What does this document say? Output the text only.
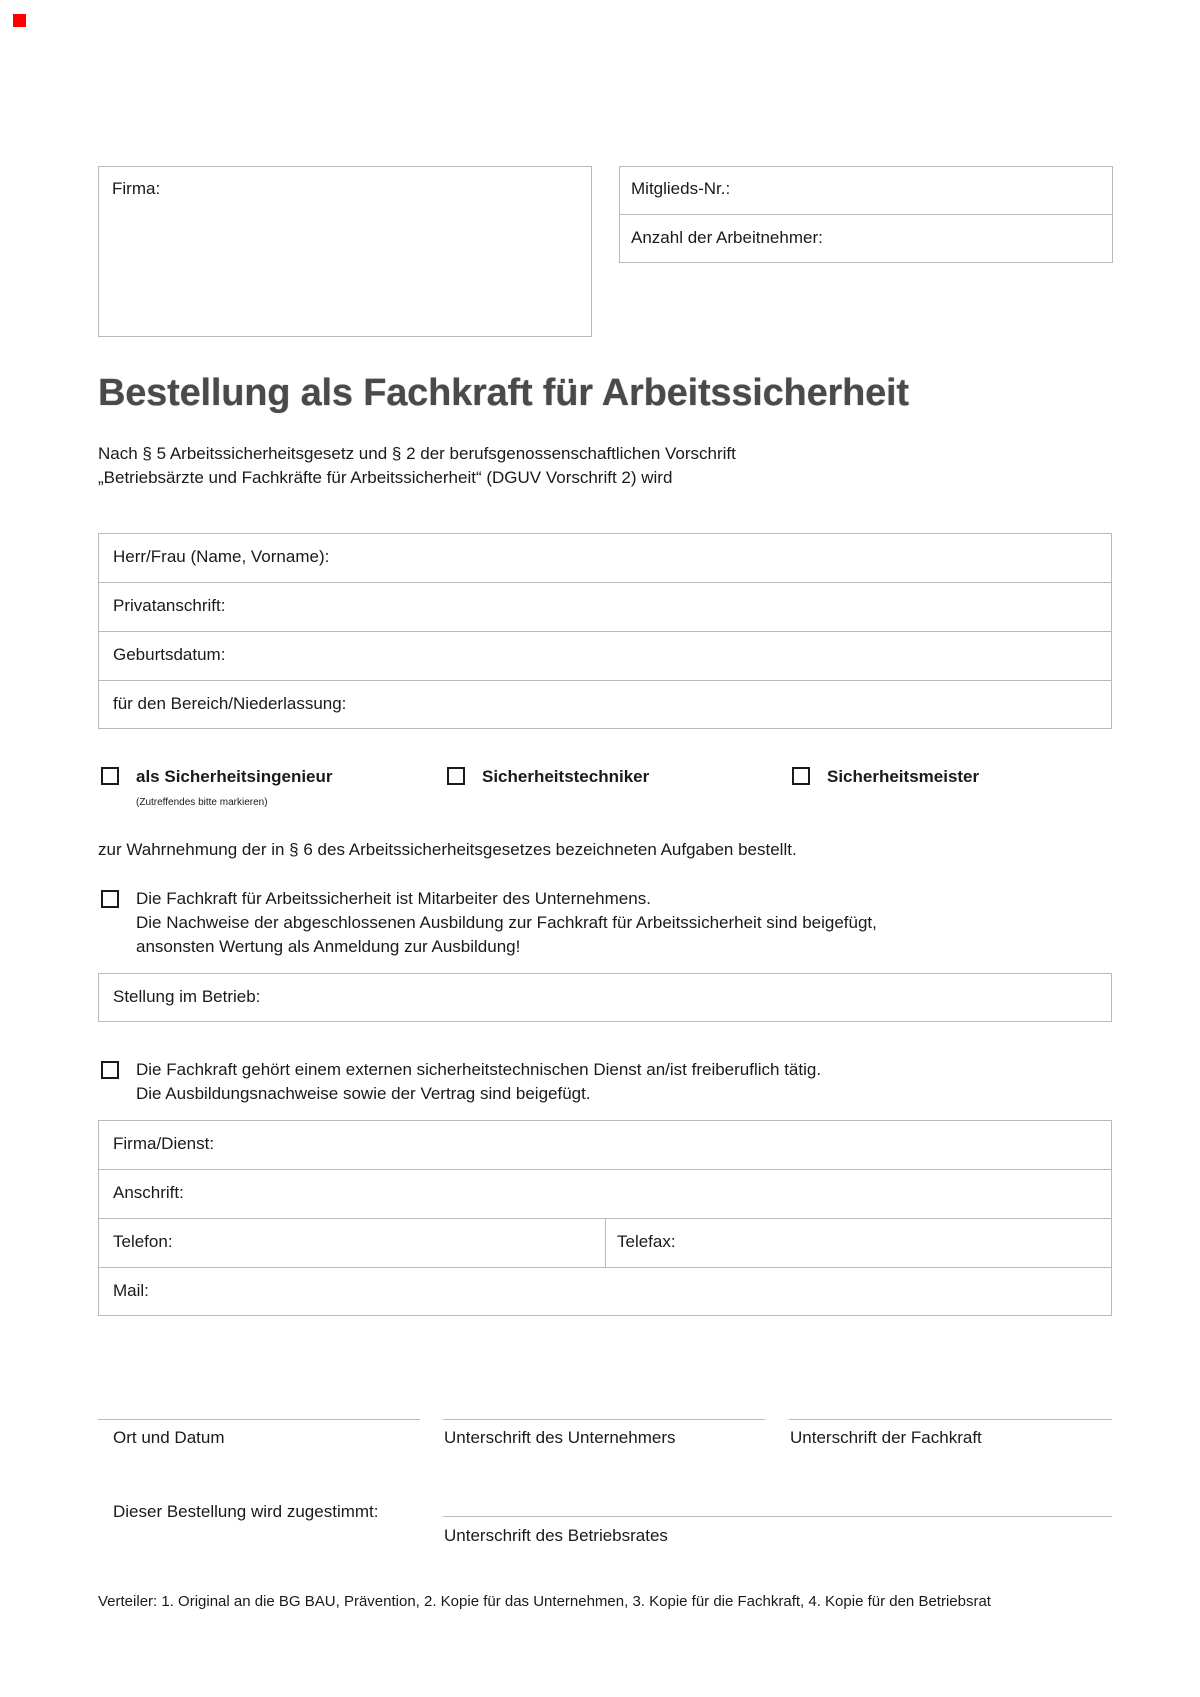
Firma:	Mitglieds-Nr.:
Anzahl der Arbeitnehmer:
Bestellung als Fachkraft für Arbeitssicherheit
Nach § 5 Arbeitssicherheitsgesetz und § 2 der berufsgenossenschaftlichen Vorschrift
„Betriebsärzte und Fachkräfte für Arbeitssicherheit“ (DGUV Vorschrift 2) wird
Herr/Frau (Name, Vorname):
Privatanschrift:
Geburtsdatum:
für den Bereich/Niederlassung:
als Sicherheitsingenieur
(Zutreffendes bitte markieren)
Sicherheitstechniker	Sicherheitsmeister
zur Wahrnehmung der in § 6 des Arbeitssicherheitsgesetzes bezeichneten Aufgaben bestellt.
Die Fachkraft für Arbeitssicherheit ist Mitarbeiter des Unternehmens.
Die Nachweise der abgeschlossenen Ausbildung zur Fachkraft für Arbeitssicherheit sind beigefügt,
ansonsten Wertung als Anmeldung zur Ausbildung!
Stellung im Betrieb:
Die Fachkraft gehört einem externen sicherheitstechnischen Dienst an/ist freiberuflich tätig.
Die Ausbildungsnachweise sowie der Vertrag sind beigefügt.
Firma/Dienst:
Anschrift:
Telefon:	Telefax:
Mail:
Ort und Datum	Unterschrift des Unternehmers	Unterschrift der Fachkraft
Dieser Bestellung wird zugestimmt:
Unterschrift des Betriebsrates
Verteiler: 1. Original an die BG BAU, Prävention, 2. Kopie für das Unternehmen, 3. Kopie für die Fachkraft, 4. Kopie für den Betriebsrat
